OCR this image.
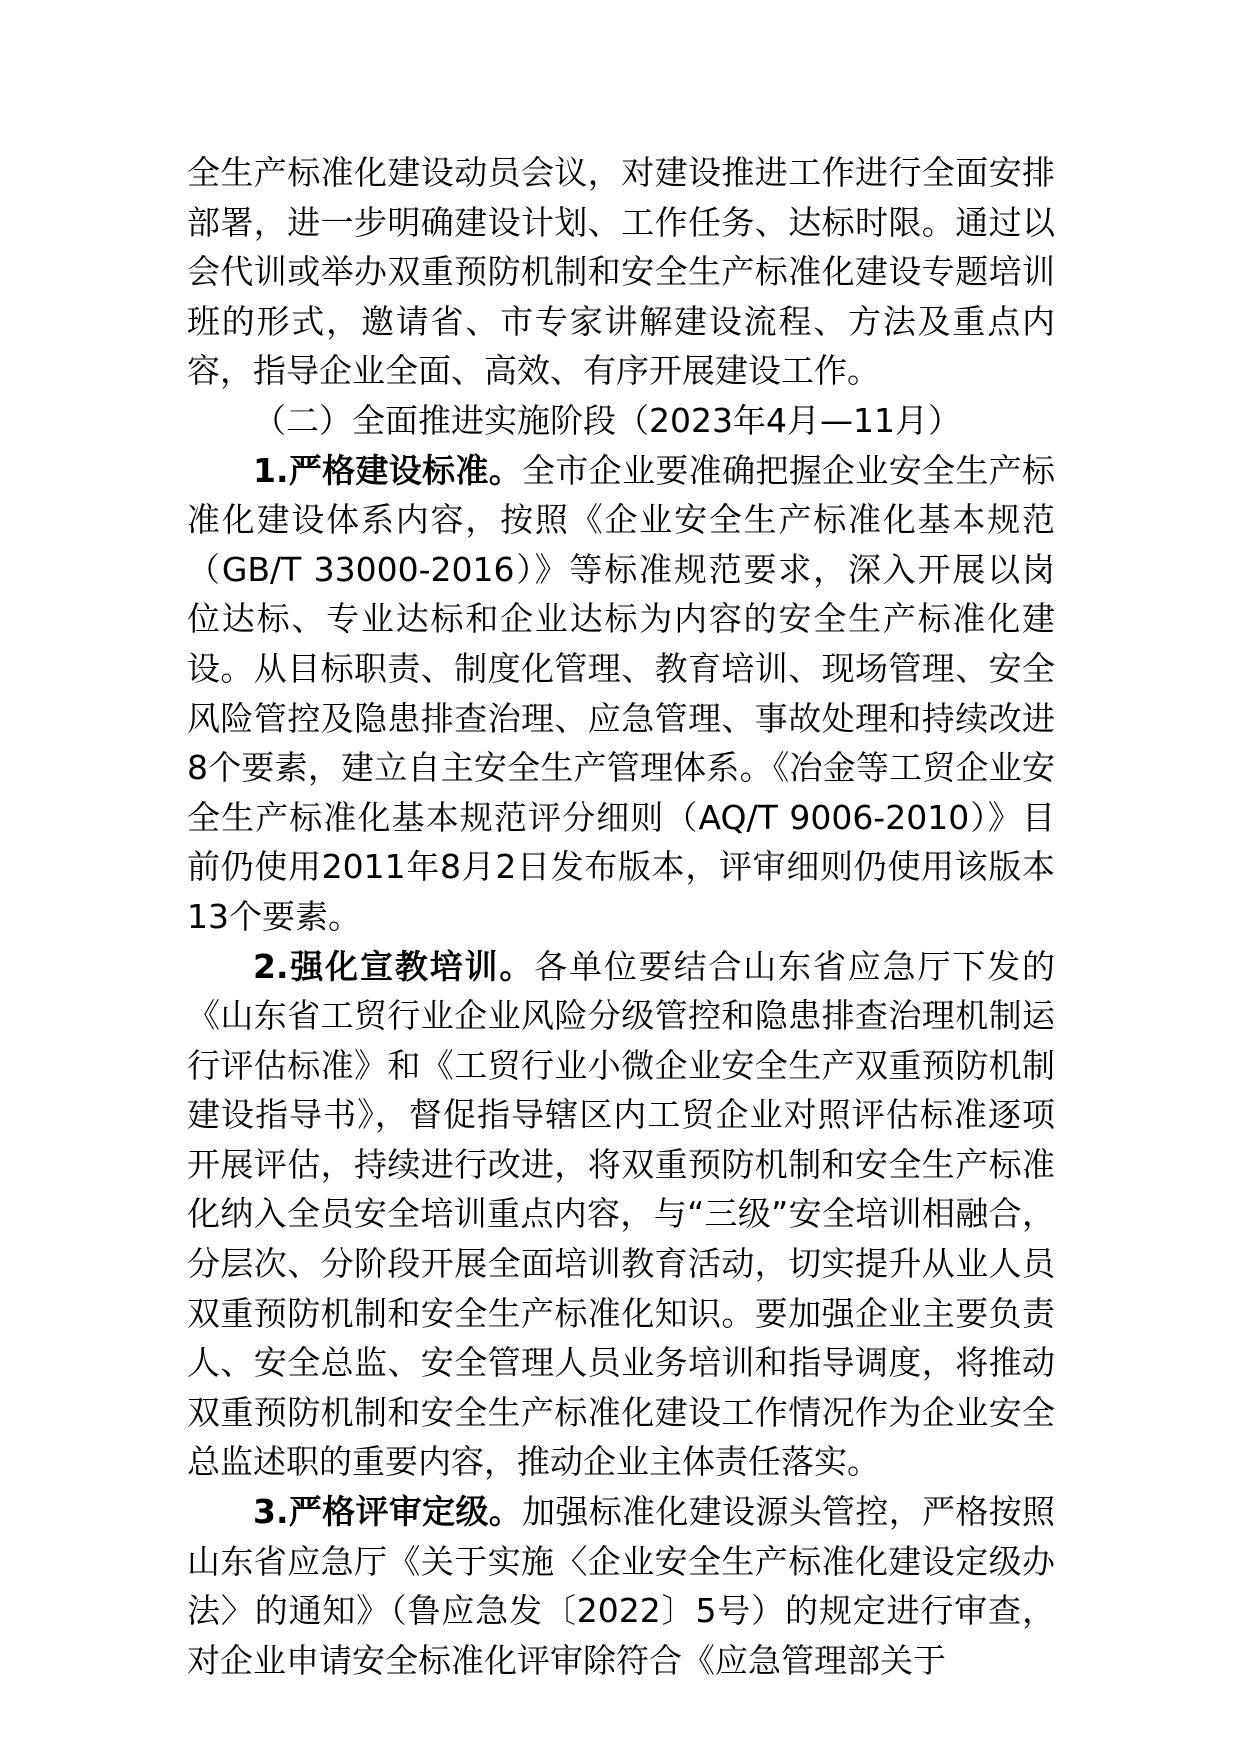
全生产标准化建设动员会议，对建设推进工作进行全面安排部署，进一步明确建设计划、工作任务、达标时限。通过以会代训或举办双重预防机制和安全生产标准化建设专题培训班的形式，邀请省、市专家讲解建设流程、方法及重点内容，指导企业全面、高效、有序开展建设工作。

（二）全面推进实施阶段（2023年4月—11月）

1.严格建设标准。全市企业要准确把握企业安全生产标准化建设体系内容，按照《企业安全生产标准化基本规范（GB/T 33000-2016）》等标准规范要求，深入开展以岗位达标、专业达标和企业达标为内容的安全生产标准化建设。从目标职责、制度化管理、教育培训、现场管理、安全风险管控及隐患排查治理、应急管理、事故处理和持续改进8个要素，建立自主安全生产管理体系。《冶金等工贸企业安全生产标准化基本规范评分细则（AQ/T 9006-2010）》目前仍使用2011年8月2日发布版本，评审细则仍使用该版本13个要素。

2.强化宣教培训。各单位要结合山东省应急厅下发的《山东省工贸行业企业风险分级管控和隐患排查治理机制运行评估标准》和《工贸行业小微企业安全生产双重预防机制建设指导书》，督促指导辖区内工贸企业对照评估标准逐项开展评估，持续进行改进，将双重预防机制和安全生产标准化纳入全员安全培训重点内容，与“三级”安全培训相融合，分层次、分阶段开展全面培训教育活动，切实提升从业人员双重预防机制和安全生产标准化知识。要加强企业主要负责人、安全总监、安全管理人员业务培训和指导调度，将推动双重预防机制和安全生产标准化建设工作情况作为企业安全总监述职的重要内容，推动企业主体责任落实。

3.严格评审定级。加强标准化建设源头管控，严格按照山东省应急厅《关于实施〈企业安全生产标准化建设定级办法〉的通知》（鲁应急发〔2022〕5号）的规定进行审查，对企业申请安全标准化评审除符合《应急管理部关于
